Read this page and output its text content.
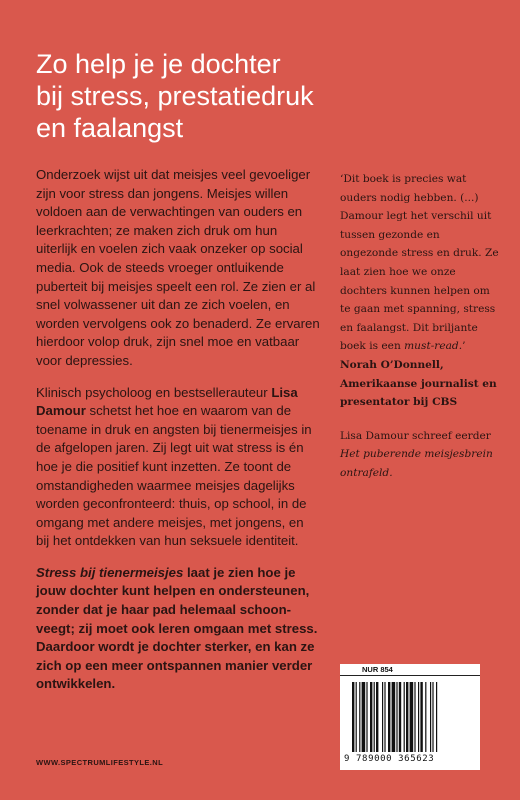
Zo help je je dochter
bij stress, prestatiedruk
en faalangst

Onderzoek wijst uit dat meisjes veel gevoeliger zijn voor stress dan jongens. Meisjes willen voldoen aan de verwachtingen van ouders en leerkrachten; ze maken zich druk om hun uiterlijk en voelen zich vaak onzeker op social media. Ook de steeds vroeger ontluikende puberteit bij meisjes speelt een rol. Ze zien er al snel volwassener uit dan ze zich voelen, en worden vervolgens ook zo benaderd. Ze ervaren hierdoor volop druk, zijn snel moe en vatbaar voor depressies.

Klinisch psycholoog en bestsellerauteur Lisa Damour schetst het hoe en waarom van de toename in druk en angsten bij tienermeisjes in de afgelopen jaren. Zij legt uit wat stress is én hoe je die positief kunt inzetten. Ze toont de omstandigheden waarmee meisjes dagelijks worden geconfronteerd: thuis, op school, in de omgang met andere meisjes, met jongens, en bij het ontdekken van hun seksuele identiteit.

Stress bij tienermeisjes laat je zien hoe je jouw dochter kunt helpen en ondersteunen, zonder dat je haar pad helemaal schoon-veegt; zij moet ook leren omgaan met stress. Daardoor wordt je dochter sterker, en kan ze zich op een meer ontspannen manier verder ontwikkelen.

‘Dit boek is precies wat ouders nodig hebben. (...) Damour legt het verschil uit tussen gezonde en ongezonde stress en druk. Ze laat zien hoe we onze dochters kunnen helpen om te gaan met spanning, stress en faalangst. Dit briljante boek is een must-read.’

Norah O’Donnell,

Amerikaanse journalist en presentator bij CBS

Lisa Damour schreef eerder Het puberende meisjesbrein ontrafeld.

WWW.SPECTRUMLIFESTYLE.NL
NUR 854
9 789000 365623
